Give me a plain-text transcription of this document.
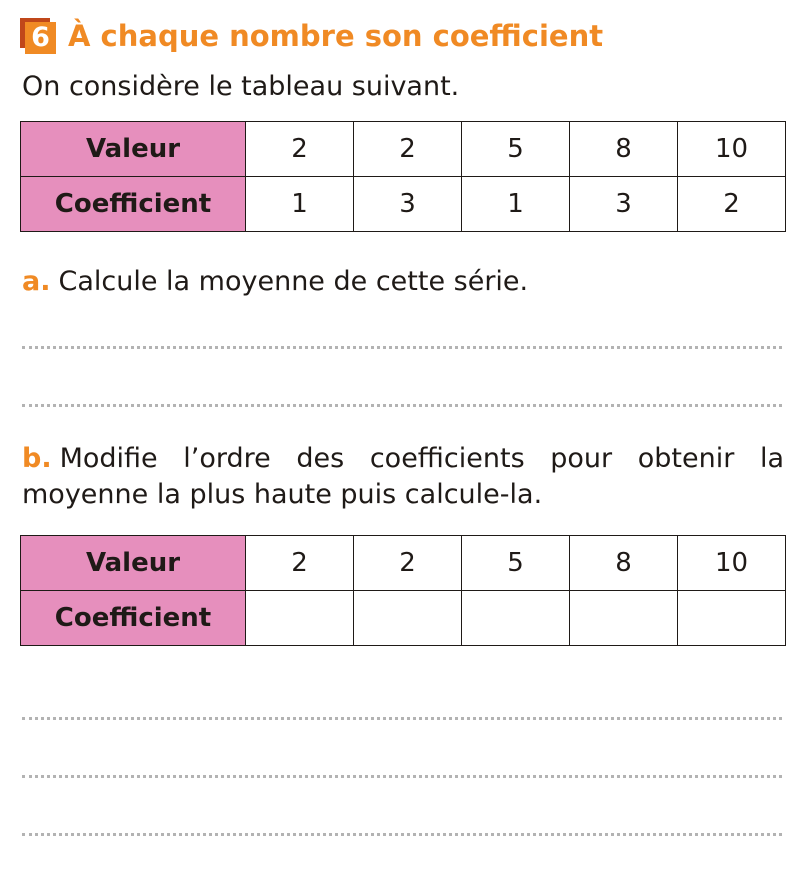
6 À chaque nombre son coefficient
On considère le tableau suivant.
Valeur	2	2	5	8	10
Coefficient	1	3	1	3	2
a. Calcule la moyenne de cette série.
b. Modifie l’ordre des coefficients pour obtenir la moyenne la plus haute puis calcule-la.
Valeur	2	2	5	8	10
Coefficient					
